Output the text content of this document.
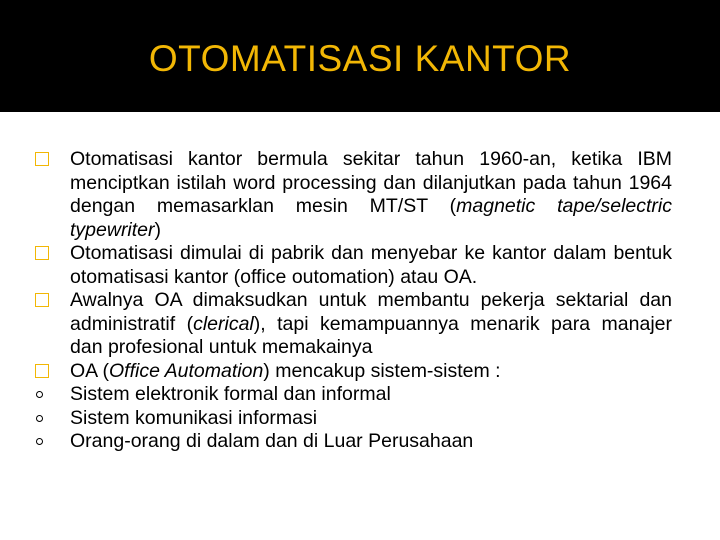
OTOMATISASI KANTOR
Otomatisasi kantor bermula sekitar tahun 1960-an, ketika IBM menciptkan istilah word processing dan dilanjutkan pada tahun 1964 dengan memasarklan mesin MT/ST (magnetic tape/selectric typewriter)
Otomatisasi dimulai di pabrik dan menyebar ke kantor dalam bentuk otomatisasi kantor (office outomation) atau OA.
Awalnya OA dimaksudkan untuk membantu pekerja sektarial dan administratif (clerical), tapi kemampuannya menarik para manajer dan profesional untuk memakainya
OA (Office Automation) mencakup sistem-sistem :
Sistem elektronik formal dan informal
Sistem komunikasi informasi
Orang-orang di dalam dan di Luar Perusahaan
